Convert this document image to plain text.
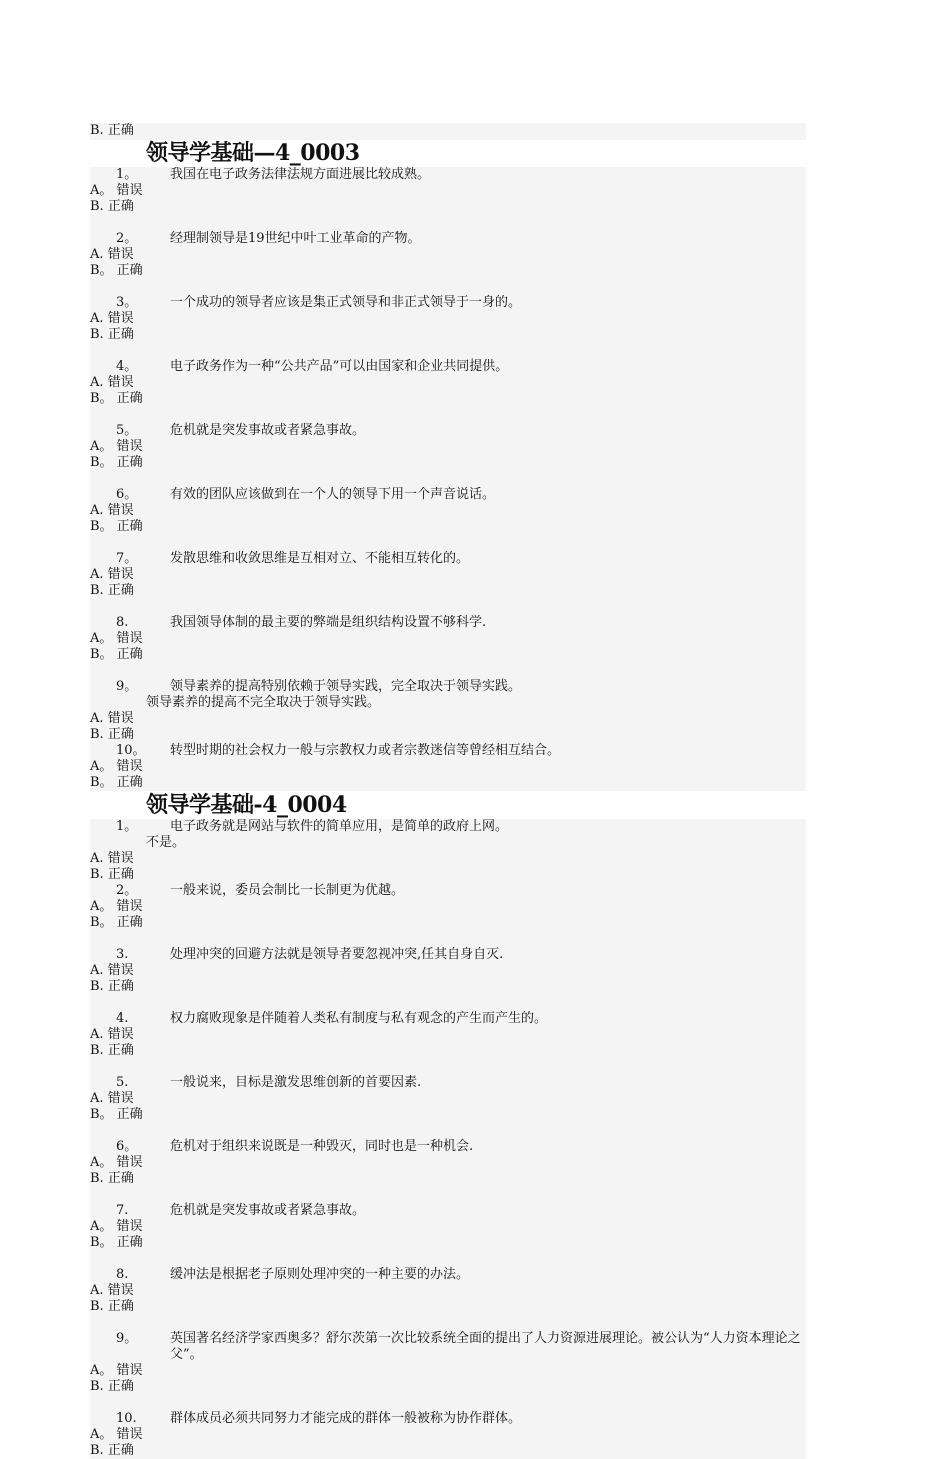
B. 正确
领导学基础—4_0003
1。	我国在电子政务法律法规方面进展比较成熟。
A。 错误
B. 正确
2。	经理制领导是19世纪中叶工业革命的产物。
A. 错误
B。 正确
3。	一个成功的领导者应该是集正式领导和非正式领导于一身的。
A. 错误
B. 正确
4。	电子政务作为一种“公共产品”可以由国家和企业共同提供。
A. 错误
B。 正确
5。	危机就是突发事故或者紧急事故。
A。 错误
B。 正确
6。	有效的团队应该做到在一个人的领导下用一个声音说话。
A. 错误
B。 正确
7。	发散思维和收敛思维是互相对立、不能相互转化的。
A. 错误
B. 正确
8.	我国领导体制的最主要的弊端是组织结构设置不够科学.
A。 错误
B。 正确
9。	领导素养的提高特别依赖于领导实践，完全取决于领导实践。
领导素养的提高不完全取决于领导实践。
A. 错误
B. 正确
10。	转型时期的社会权力一般与宗教权力或者宗教迷信等曾经相互结合。
A。 错误
B。 正确
领导学基础-4_0004
1。	电子政务就是网站与软件的简单应用，是简单的政府上网。
不是。
A. 错误
B. 正确
2。	一般来说，委员会制比一长制更为优越。
A。 错误
B。 正确
3.	处理冲突的回避方法就是领导者要忽视冲突,任其自身自灭.
A. 错误
B. 正确
4.	权力腐败现象是伴随着人类私有制度与私有观念的产生而产生的。
A. 错误
B. 正确
5.	一般说来，目标是激发思维创新的首要因素.
A. 错误
B。 正确
6。	危机对于组织来说既是一种毁灭，同时也是一种机会.
A。 错误
B. 正确
7.	危机就是突发事故或者紧急事故。
A。 错误
B。 正确
8.	缓冲法是根据老子原则处理冲突的一种主要的办法。
A. 错误
B. 正确
9。	英国著名经济学家西奥多？舒尔茨第一次比较系统全面的提出了人力资源进展理论。被公认为“人力资本理论之父”。
A。 错误
B. 正确
10.	群体成员必须共同努力才能完成的群体一般被称为协作群体。
A。 错误
B. 正确
